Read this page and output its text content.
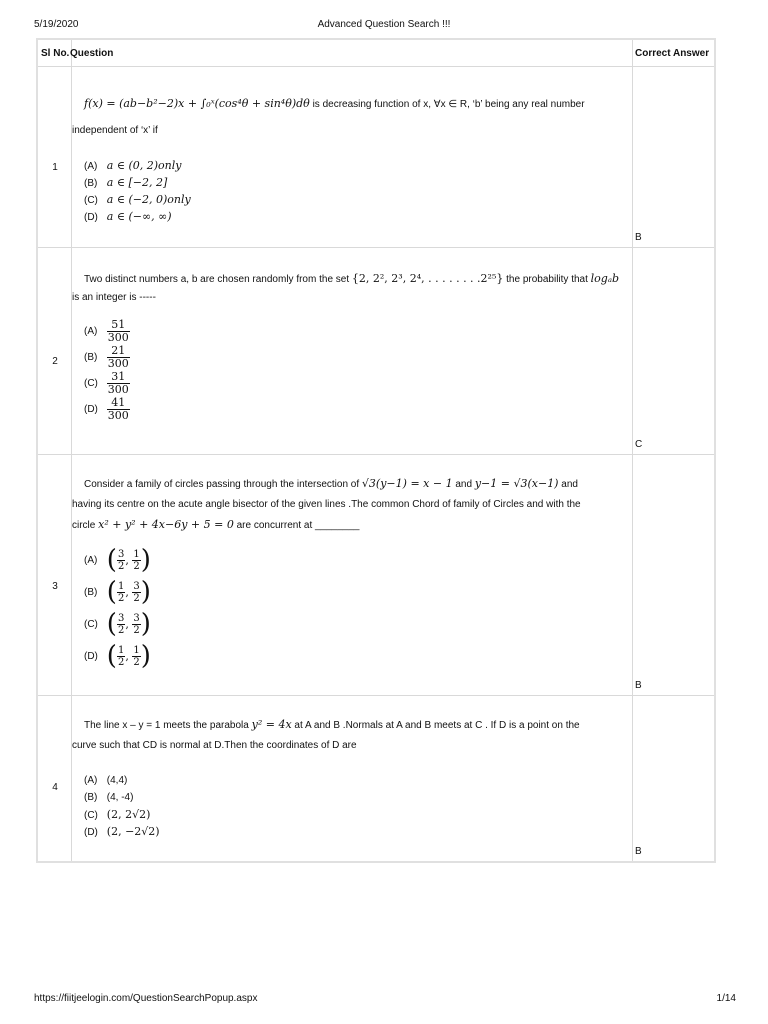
5/19/2020	Advanced Question Search !!!
Sl No. Question	Correct Answer
1
f(x) = (ab−b²−2)x + ∫₀ˣ(cos⁴θ + sin⁴θ)dθ is decreasing function of x, ∀x ∈ R, ‘b’ being any real number
independent of ‘x’ if
(A) a ∈ (0, 2)only
(B) a ∈ [−2, 2]
(C) a ∈ (−2, 0)only
(D) a ∈ (−∞, ∞)
B
2
Two distinct numbers a, b are chosen randomly from the set {2, 2², 2³, 2⁴, . . . . . . . .2²⁵} the probability that logₐb
is an integer is -----
(A)
$\frac{51}{300}$
(B)
$\frac{21}{300}$
(C)
$\frac{31}{300}$
(D)
$\frac{41}{300}$
C
3
Consider a family of circles passing through the intersection of √3(y−1) = x − 1 and y−1 = √3(x−1) and
having its centre on the acute angle bisector of the given lines .The common Chord of family of Circles and with the
circle x² + y² + 4x−6y + 5 = 0 are concurrent at ________
(A)
( $\frac{3}{2}$ , $\frac{1}{2}$ )
(B)
( $\frac{1}{2}$ , $\frac{3}{2}$ )
(C)
( $\frac{3}{2}$ , $\frac{3}{2}$ )
(D)
( $\frac{1}{2}$ , $\frac{1}{2}$ )
B
4
The line x – y = 1 meets the parabola y² = 4x at A and B .Normals at A and B meets at C . If D is a point on the
curve such that CD is normal at D.Then the coordinates of D are
(A) (4,4)
(B) (4, -4)
(C) (2, 2√2)
(D) (2, −2√2)
B
https://fiitjeelogin.com/QuestionSearchPopup.aspx	1/14
